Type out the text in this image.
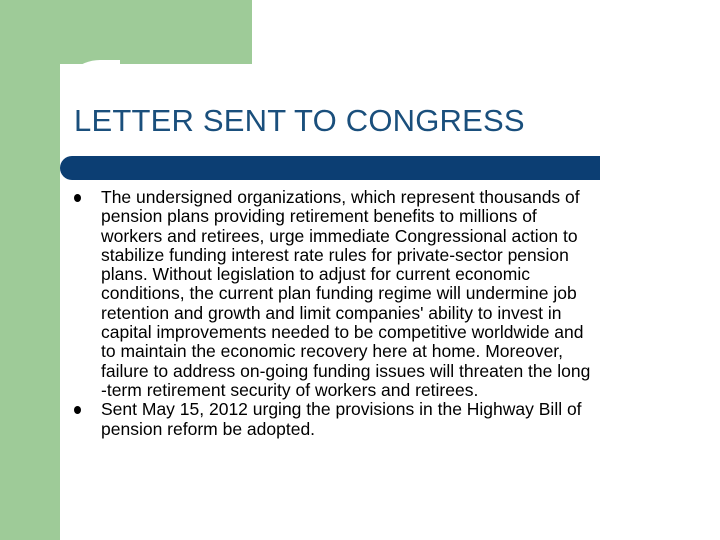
LETTER SENT TO CONGRESS
The undersigned organizations, which represent thousands of
pension plans providing retirement benefits to millions of
workers and retirees, urge immediate Congressional action to
stabilize funding interest rate rules for private-sector pension
plans. Without legislation to adjust for current economic
conditions, the current plan funding regime will undermine job
retention and growth and limit companies' ability to invest in
capital improvements needed to be competitive worldwide and
to maintain the economic recovery here at home. Moreover,
failure to address on-going funding issues will threaten the long
-term retirement security of workers and retirees.
Sent May 15, 2012 urging the provisions in the Highway Bill of
pension reform be adopted.
